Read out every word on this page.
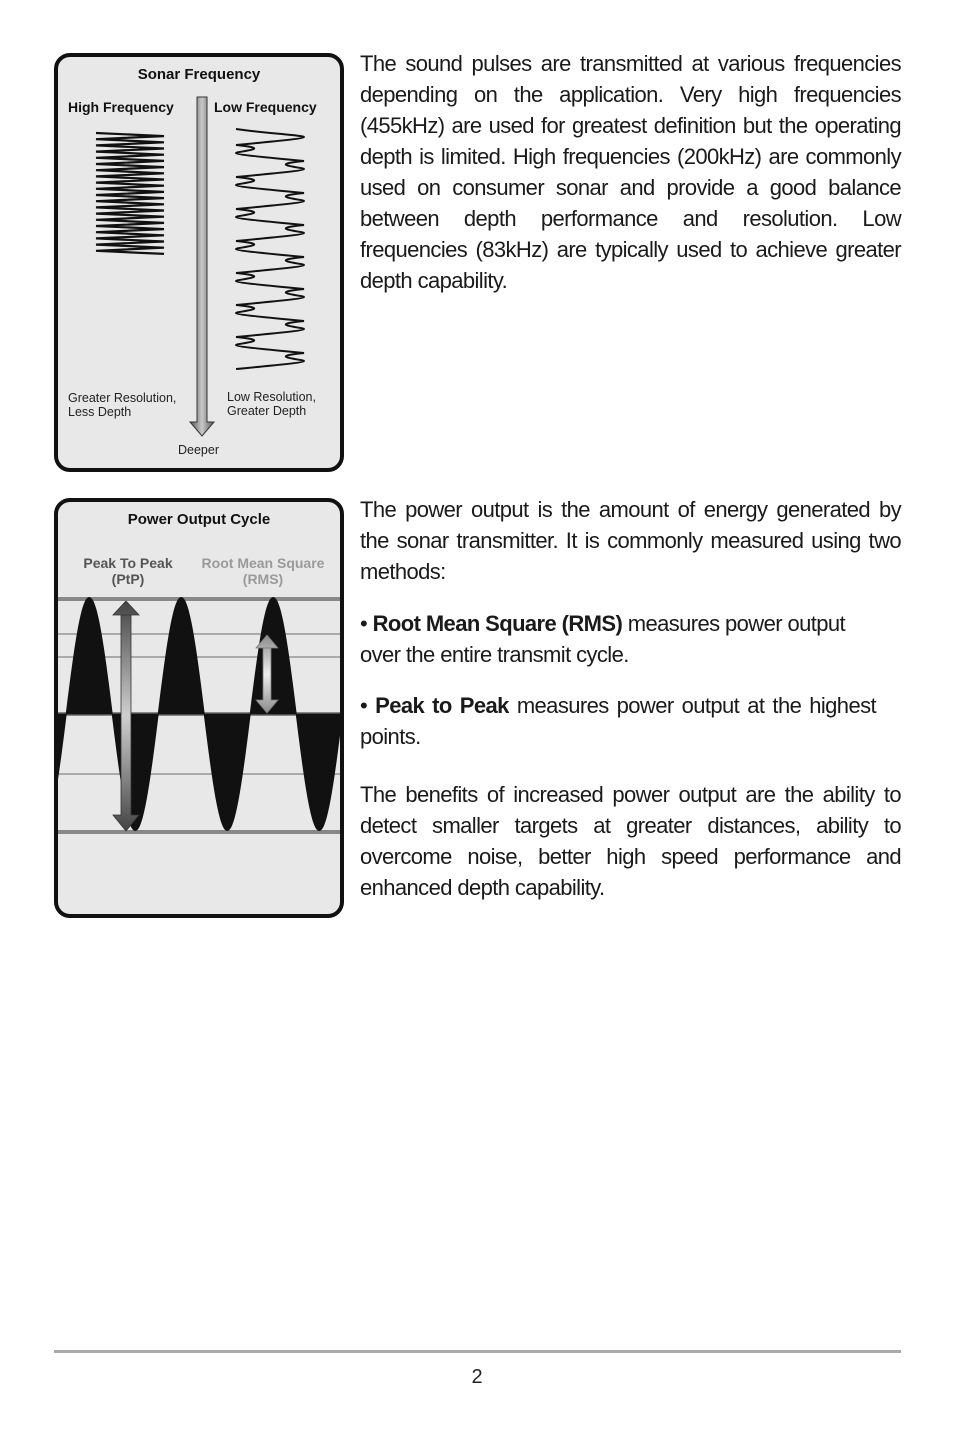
Sonar Frequency
High Frequency	Low Frequency
Greater Resolution,
Less Depth
Low Resolution,
Greater Depth
Deeper
Power Output Cycle
Peak To Peak
(PtP)
Root Mean Square
(RMS)

The sound pulses are transmitted at various frequencies depending on the application. Very high frequencies (455kHz) are used for greatest definition but the operating depth is limited. High frequencies (200kHz) are commonly used on consumer sonar and provide a good balance between depth performance and resolution. Low frequencies (83kHz) are typically used to achieve greater depth capability.

The power output is the amount of energy generated by the sonar transmitter. It is commonly measured using two methods:

• Root Mean Square (RMS) measures power output over the entire transmit cycle.

• Peak to Peak measures power output at the highest points.

The benefits of increased power output are the ability to detect smaller targets at greater distances, ability to overcome noise, better high speed performance and enhanced depth capability.

2
